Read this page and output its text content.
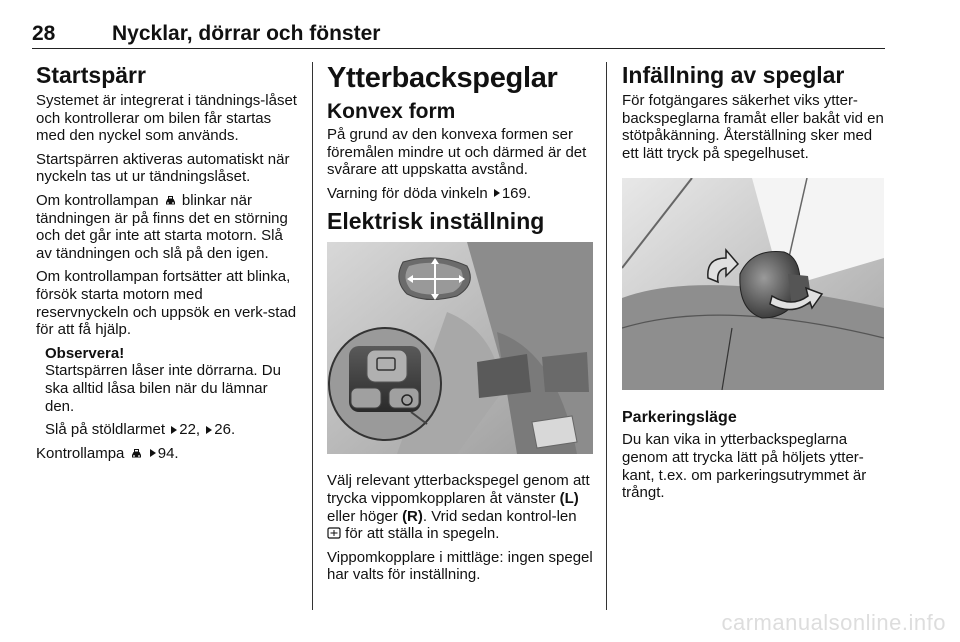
28	Nycklar, dörrar och fönster
Startspärr

Systemet är integrerat i tändnings-låset och kontrollerar om bilen får startas med den nyckel som används.

Startspärren aktiveras automatiskt när nyckeln tas ut ur tändningslåset.

Om kontrollampan blinkar när tändningen är på finns det en störning och det går inte att starta motorn. Slå av tändningen och slå på den igen.

Om kontrollampan fortsätter att blinka, försök starta motorn med reservnyckeln och uppsök en verk-stad för att få hjälp.

Observera!

Startspärren låser inte dörrarna. Du ska alltid låsa bilen när du lämnar den.

Slå på stöldlarmet 22, 26.

Kontrollampa 94.

Ytterbackspeglar
Konvex form

På grund av den konvexa formen ser föremålen mindre ut och därmed är det svårare att uppskatta avstånd.

Varning för döda vinkeln 169.

Elektrisk inställning

Välj relevant ytterbackspegel genom att trycka vippomkopplaren åt vänster (L) eller höger (R). Vrid sedan kontrol-len  för att ställa in spegeln.

Vippomkopplare i mittläge: ingen spegel har valts för inställning.

Infällning av speglar

För fotgängares säkerhet viks ytter-backspeglarna framåt eller bakåt vid en stötpåkänning. Återställning sker med ett lätt tryck på spegelhuset.

Parkeringsläge

Du kan vika in ytterbackspeglarna genom att trycka lätt på höljets ytter-kant, t.ex. om parkeringsutrymmet är trångt.

carmanualsonline.info
